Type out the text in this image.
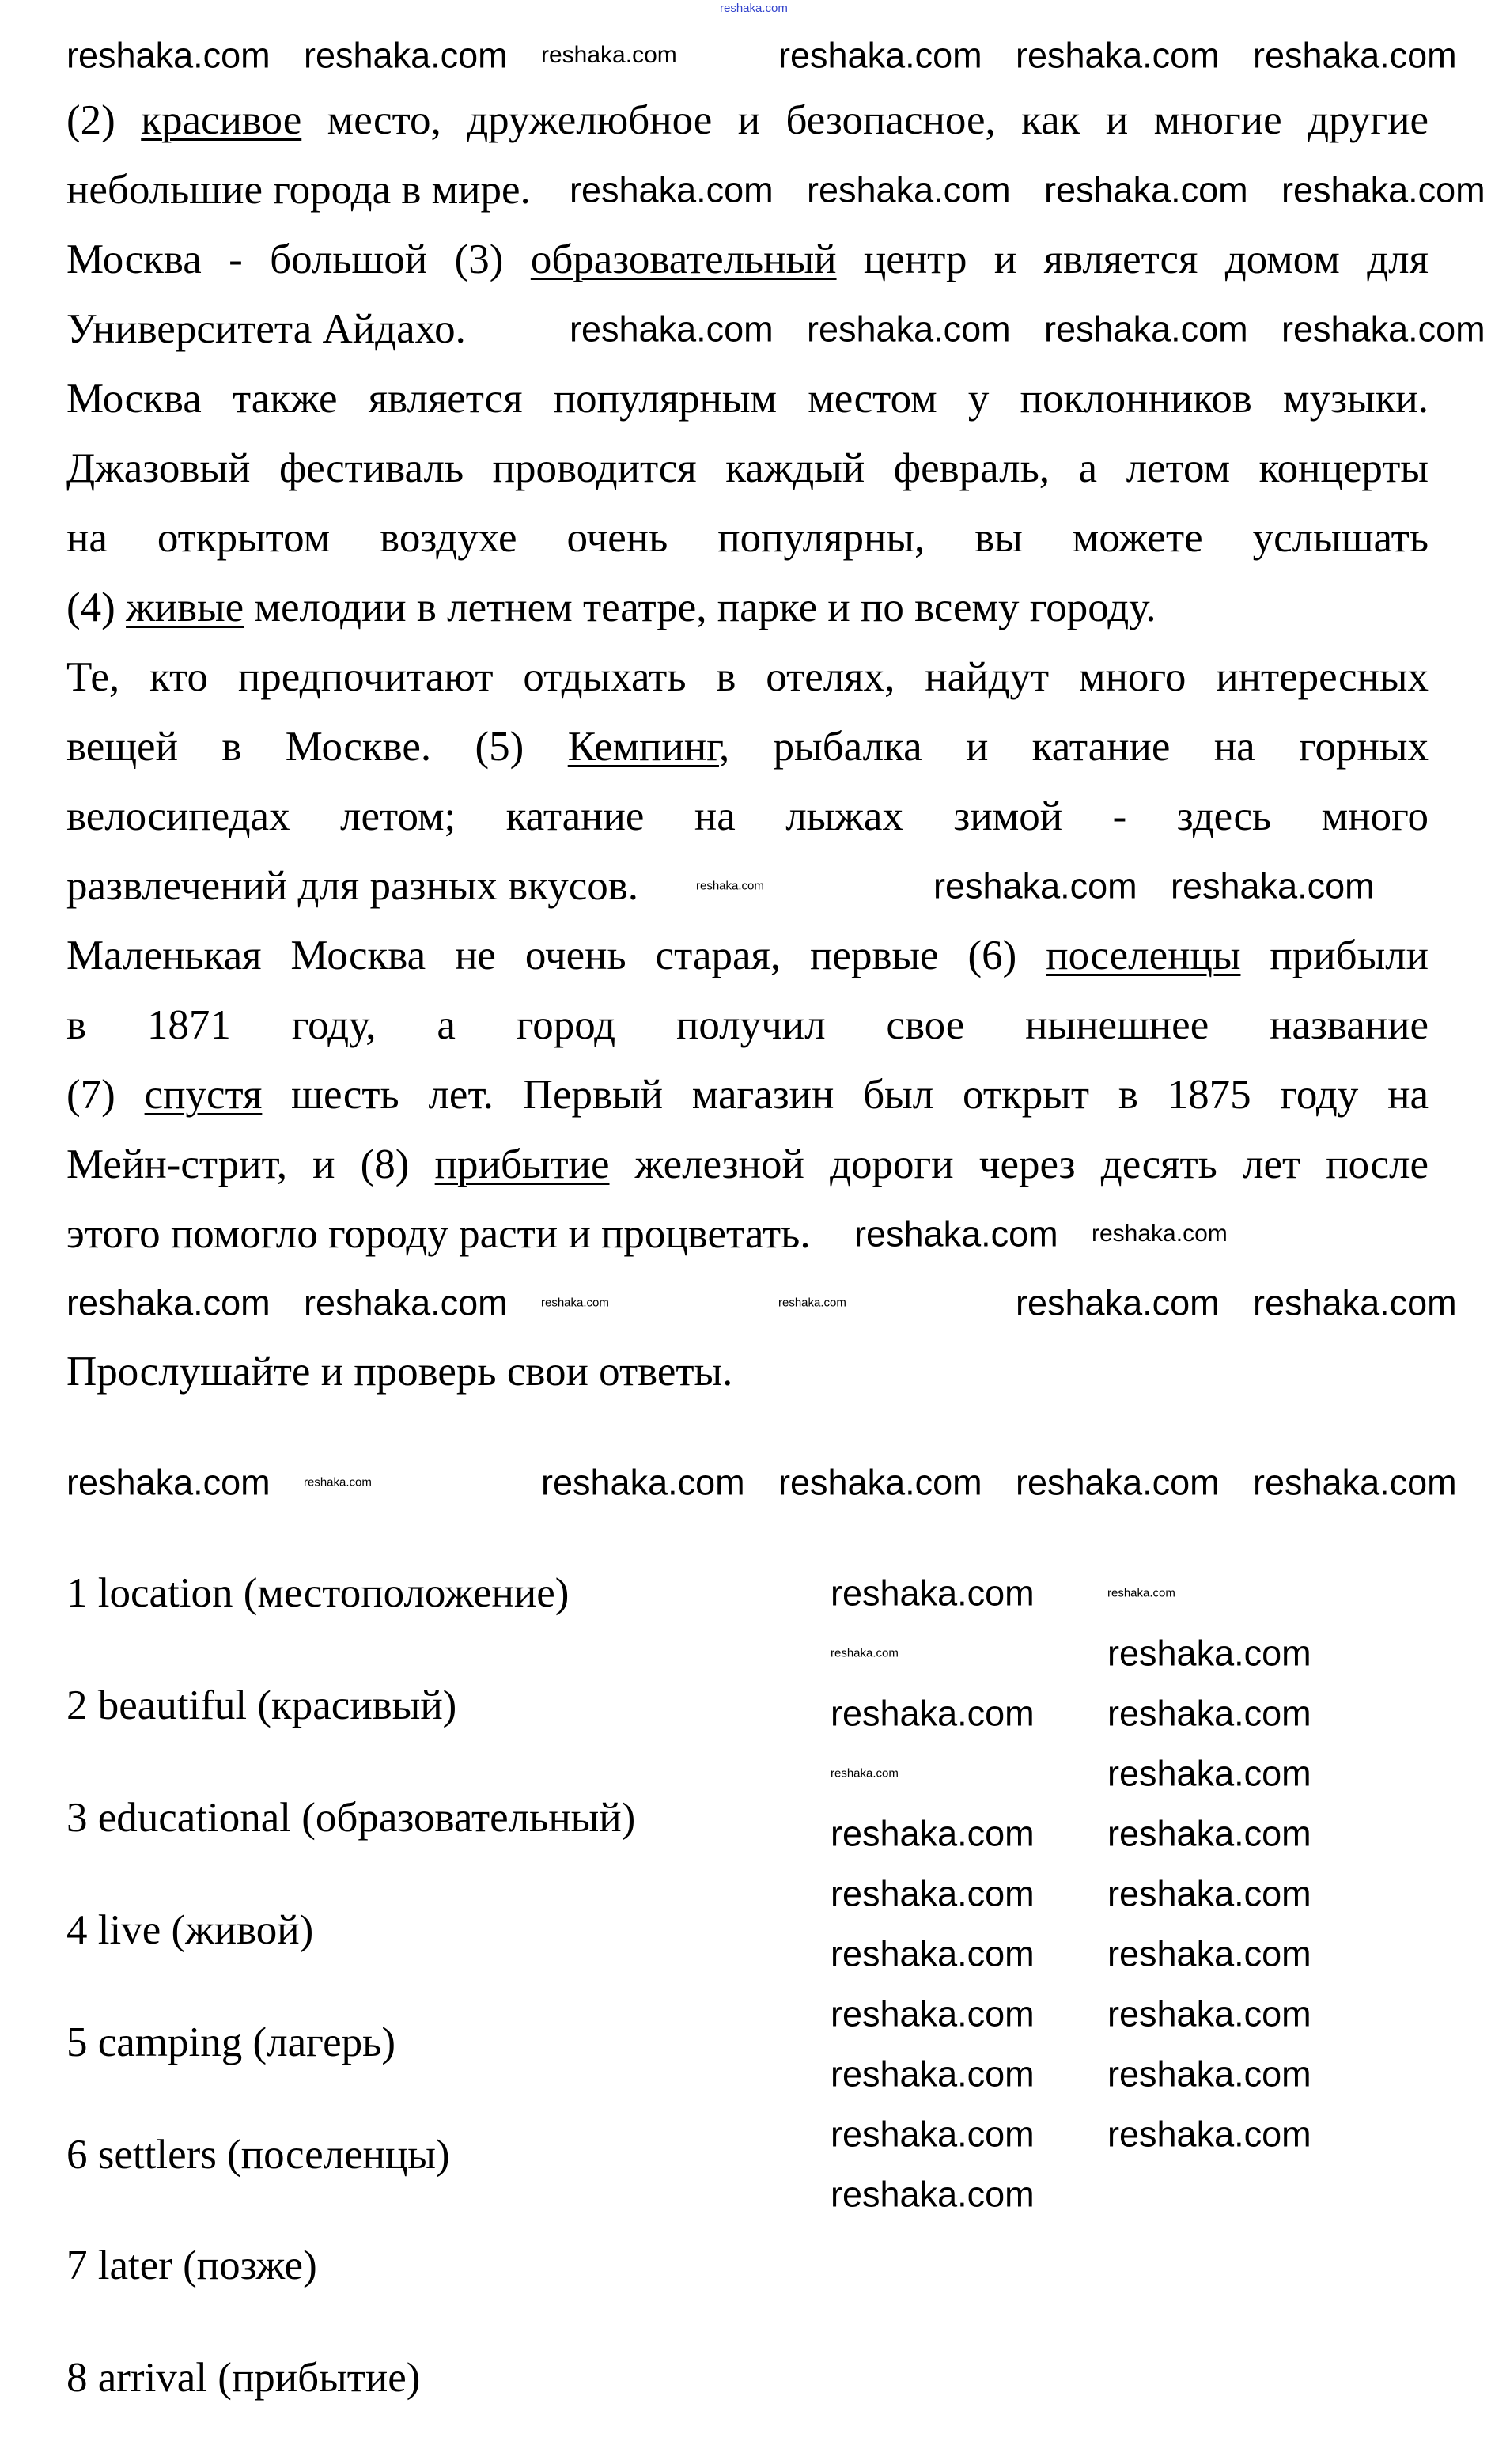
reshaka.com
(2) красивое место, дружелюбное и безопасное, как и многие другие
небольшие города в мире.
Москва - большой (3) образовательный центр и является домом для
Университета Айдахо.
Москва также является популярным местом у поклонников музыки.
Джазовый фестиваль проводится каждый февраль, а летом концерты
на открытом воздухе очень популярны, вы можете услышать
(4) живые мелодии в летнем театре, парке и по всему городу.
Те, кто предпочитают отдыхать в отелях, найдут много интересных
вещей в Москве. (5) Кемпинг, рыбалка и катание на горных
велосипедах летом; катание на лыжах зимой - здесь много
развлечений для разных вкусов.
Маленькая Москва не очень старая, первые (6) поселенцы прибыли
в 1871 году, а город получил свое нынешнее название
(7) спустя шесть лет. Первый магазин был открыт в 1875 году на
Мейн-стрит, и (8) прибытие железной дороги через десять лет после
этого помогло городу расти и процветать.
Прослушайте и проверь свои ответы.
1 location (местоположение)
2 beautiful (красивый)
3 educational (образовательный)
4 live (живой)
5 camping (лагерь)
6 settlers (поселенцы)
7 later (позже)
8 arrival (прибытие)
reshaka.com reshaka.com reshaka.com	reshaka.com reshaka.com reshaka.com
reshaka.com reshaka.com reshaka.com reshaka.com
reshaka.com reshaka.com reshaka.com reshaka.com
reshaka.com	reshaka.com reshaka.com
reshaka.com reshaka.com
reshaka.com reshaka.com	reshaka.com	reshaka.com	reshaka.com reshaka.com
reshaka.com	reshaka.com	reshaka.com reshaka.com reshaka.com reshaka.com
reshaka.com	reshaka.com
reshaka.com	reshaka.com
reshaka.com reshaka.com
reshaka.com	reshaka.com
reshaka.com reshaka.com
reshaka.com reshaka.com
reshaka.com reshaka.com
reshaka.com reshaka.com
reshaka.com reshaka.com
reshaka.com reshaka.com
reshaka.com
